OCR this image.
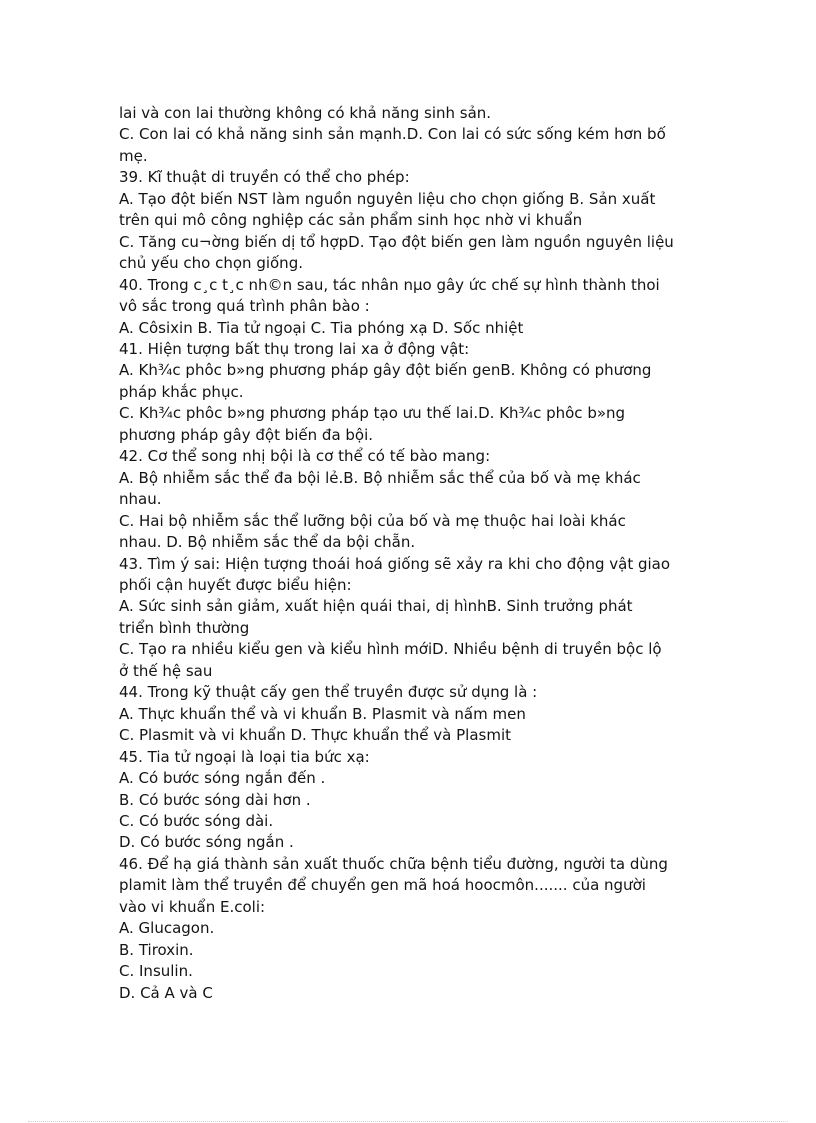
lai và con lai thường không có khả năng sinh sản.
C. Con lai có khả năng sinh sản mạnh.D. Con lai có sức sống kém hơn bố
mẹ.
39. Kĩ thuật di truyền có thể cho phép:
A. Tạo đột biến NST làm nguồn nguyên liệu cho chọn giống B. Sản xuất
trên qui mô công nghiệp các sản phẩm sinh học nhờ vi khuẩn
C. Tăng cu¬ờng biến dị tổ hợpD. Tạo đột biến gen làm nguồn nguyên liệu
chủ yếu cho chọn giống.
40. Trong c¸c t¸c nh©n sau, tác nhân nµo gây ức chế sự hình thành thoi
vô sắc trong quá trình phân bào :
A. Côsixin B. Tia tử ngoại C. Tia phóng xạ D. Sốc nhiệt
41. Hiện tượng bất thụ trong lai xa ở động vật:
A. Kh¾c phôc b»ng phương pháp gây đột biến genB. Không có phương
pháp khắc phục.
C. Kh¾c phôc b»ng phương pháp tạo ưu thế lai.D. Kh¾c phôc b»ng
phương pháp gây đột biến đa bội.
42. Cơ thể song nhị bội là cơ thể có tế bào mang:
A. Bộ nhiễm sắc thể đa bội lẻ.B. Bộ nhiễm sắc thể của bố và mẹ khác
nhau.
C. Hai bộ nhiễm sắc thể lưỡng bội của bố và mẹ thuộc hai loài khác
nhau. D. Bộ nhiễm sắc thể da bội chẵn.
43. Tìm ý sai: Hiện tượng thoái hoá giống sẽ xảy ra khi cho động vật giao
phối cận huyết được biểu hiện:
A. Sức sinh sản giảm, xuất hiện quái thai, dị hìnhB. Sinh trưởng phát
triển bình thường
C. Tạo ra nhiều kiểu gen và kiểu hình mớiD. Nhiều bệnh di truyền bộc lộ
ở thế hệ sau
44. Trong kỹ thuật cấy gen thể truyền được sử dụng là :
A. Thực khuẩn thể và vi khuẩn B. Plasmit và nấm men
C. Plasmit và vi khuẩn D. Thực khuẩn thể và Plasmit
45. Tia tử ngoại là loại tia bức xạ:
A. Có bước sóng ngắn đến .
B. Có bước sóng dài hơn .
C. Có bước sóng dài.
D. Có bước sóng ngắn .
46. Để hạ giá thành sản xuất thuốc chữa bệnh tiểu đường, người ta dùng
plamit làm thể truyền để chuyển gen mã hoá hoocmôn....... của người
vào vi khuẩn E.coli:
A. Glucagon.
B. Tiroxin.
C. Insulin.
D. Cả A và C
